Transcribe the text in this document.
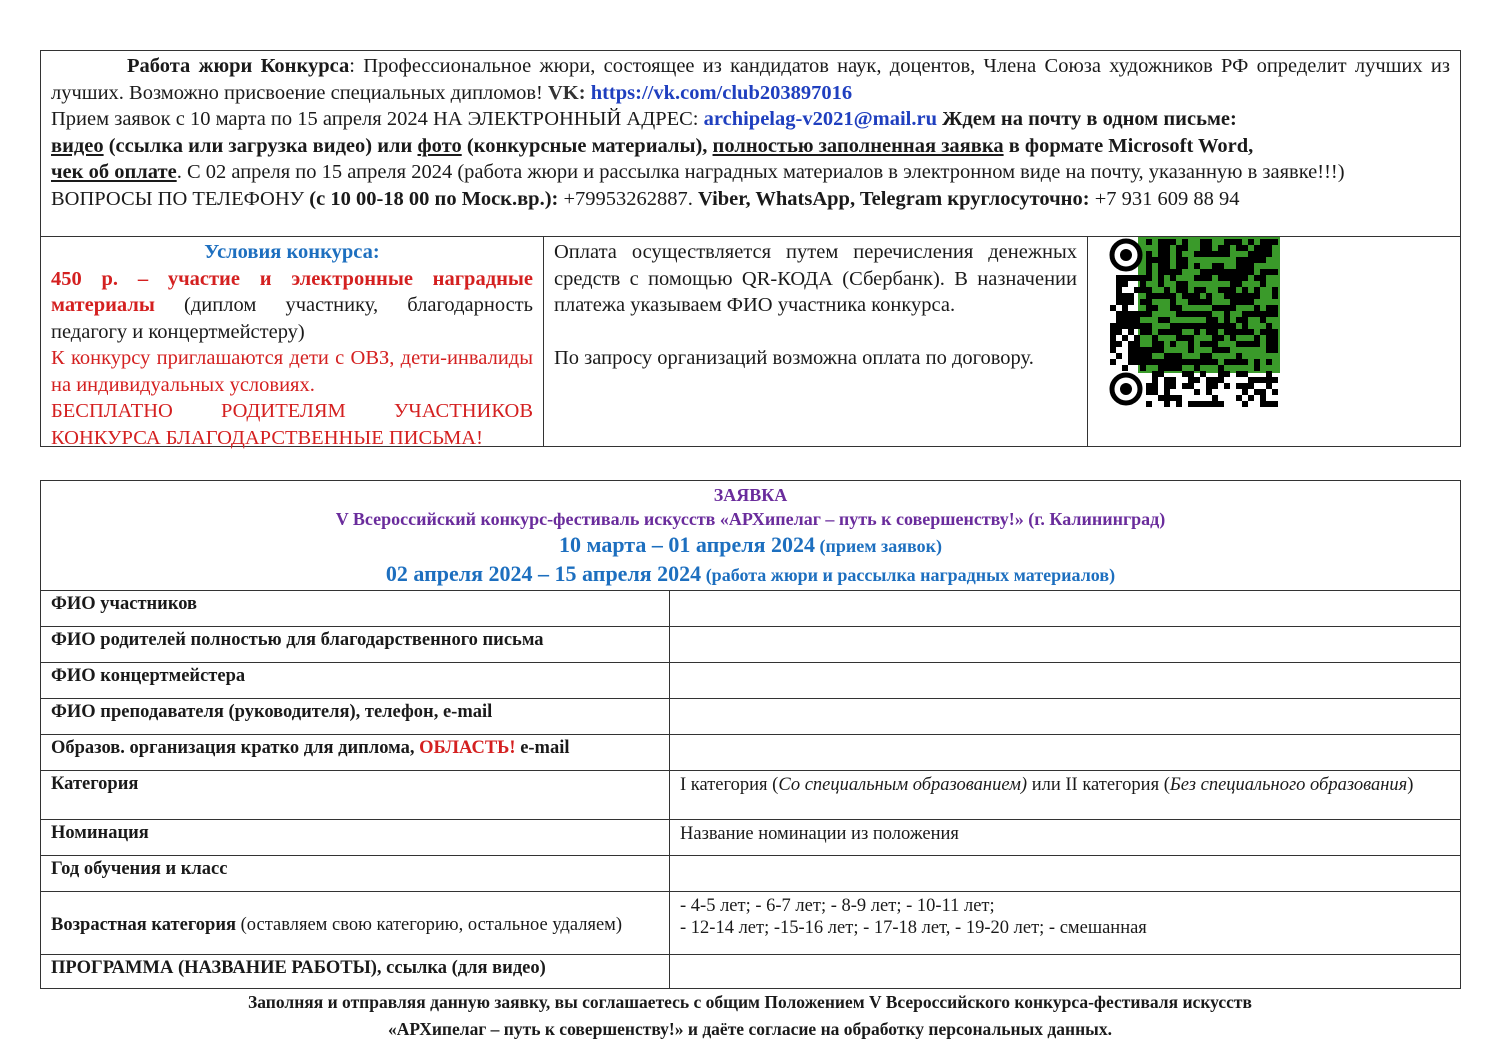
Работа жюри Конкурса: Профессиональное жюри, состоящее из кандидатов наук, доцентов, Члена Союза художников РФ определит лучших из лучших. Возможно присвоение специальных дипломов! VK: https://vk.com/club203897016

Прием заявок с 10 марта по 15 апреля 2024 НА ЭЛЕКТРОННЫЙ АДРЕС: archipelag-v2021@mail.ru Ждем на почту в одном письме:
видео (ссылка или загрузка видео) или фото (конкурсные материалы), полностью заполненная заявка в формате Microsoft Word,
чек об оплате. С 02 апреля по 15 апреля 2024 (работа жюри и рассылка наградных материалов в электронном виде на почту, указанную в заявке!!!) ВОПРОСЫ ПО ТЕЛЕФОНУ (с 10 00-18 00 по Моск.вр.): +79953262887. Viber, WhatsApp, Telegram круглосуточно: +7 931 609 88 94

Условия конкурса:
450 р. – участие и электронные наградные материалы (диплом участнику, благодарность педагогу и концертмейстеру)
К конкурсу приглашаются дети с ОВЗ, дети-инвалиды на индивидуальных условиях.
БЕСПЛАТНО РОДИТЕЛЯМ УЧАСТНИКОВ КОНКУРСА БЛАГОДАРСТВЕННЫЕ ПИСЬМА!
Оплата осуществляется путем перечисления денежных средств с помощью QR-КОДА (Сбербанк). В назначении платежа указываем ФИО участника конкурса.
По запросу организаций возможна оплата по договору.
ЗАЯВКА
V Всероссийский конкурс-фестиваль искусств «АРХипелаг – путь к совершенству!» (г. Калининград)
10 марта – 01 апреля 2024 (прием заявок)
02 апреля 2024 – 15 апреля 2024 (работа жюри и рассылка наградных материалов)
ФИО участников	
ФИО родителей полностью для благодарственного письма	
ФИО концертмейстера	
ФИО преподавателя (руководителя), телефон, e-mail	
Образов. организация кратко для диплома, ОБЛАСТЬ! e-mail	
Категория	I категория (Со специальным образованием) или II категория (Без специального образования)
Номинация	Название номинации из положения
Год обучения и класс	
Возрастная категория (оставляем свою категорию, остальное удаляем)	- 4-5 лет; - 6-7 лет; - 8-9 лет; - 10-11 лет;
- 12-14 лет; -15-16 лет; - 17-18 лет, - 19-20 лет; - смешанная

ПРОГРАММА (НАЗВАНИЕ РАБОТЫ), ссылка (для видео)	
Заполняя и отправляя данную заявку, вы соглашаетесь с общим Положением V Всероссийского конкурса-фестиваля искусств
«АРХипелаг – путь к совершенству!» и даёте согласие на обработку персональных данных.
